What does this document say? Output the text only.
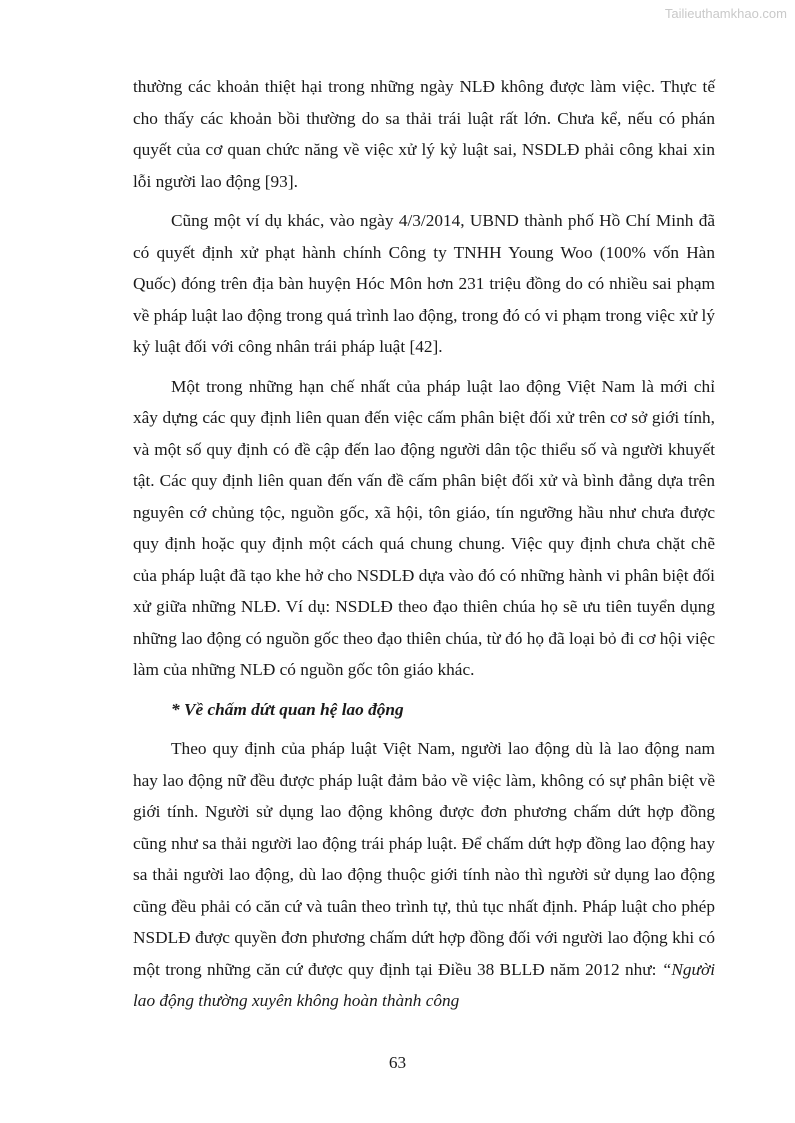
Tailieuthamkhao.com

thường các khoản thiệt hại trong những ngày NLĐ không được làm việc. Thực tế cho thấy các khoản bồi thường do sa thải trái luật rất lớn. Chưa kể, nếu có phán quyết của cơ quan chức năng về việc xử lý kỷ luật sai, NSDLĐ phải công khai xin lỗi người lao động [93].

Cũng một ví dụ khác, vào ngày 4/3/2014, UBND thành phố Hồ Chí Minh đã có quyết định xử phạt hành chính Công ty TNHH Young Woo (100% vốn Hàn Quốc) đóng trên địa bàn huyện Hóc Môn hơn 231 triệu đồng do có nhiều sai phạm về pháp luật lao động trong quá trình lao động, trong đó có vi phạm trong việc xử lý kỷ luật đối với công nhân trái pháp luật [42].

Một trong những hạn chế nhất của pháp luật lao động Việt Nam là mới chỉ xây dựng các quy định liên quan đến việc cấm phân biệt đối xử trên cơ sở giới tính, và một số quy định có đề cập đến lao động người dân tộc thiểu số và người khuyết tật. Các quy định liên quan đến vấn đề cấm phân biệt đối xử và bình đẳng dựa trên nguyên cớ chủng tộc, nguồn gốc, xã hội, tôn giáo, tín ngưỡng hầu như chưa được quy định hoặc quy định một cách quá chung chung. Việc quy định chưa chặt chẽ của pháp luật đã tạo khe hở cho NSDLĐ dựa vào đó có những hành vi phân biệt đối xử giữa những NLĐ. Ví dụ: NSDLĐ theo đạo thiên chúa họ sẽ ưu tiên tuyển dụng những lao động có nguồn gốc theo đạo thiên chúa, từ đó họ đã loại bỏ đi cơ hội việc làm của những NLĐ có nguồn gốc tôn giáo khác.

* Về chấm dứt quan hệ lao động

Theo quy định của pháp luật Việt Nam, người lao động dù là lao động nam hay lao động nữ đều được pháp luật đảm bảo về việc làm, không có sự phân biệt về giới tính. Người sử dụng lao động không được đơn phương chấm dứt hợp đồng cũng như sa thải người lao động trái pháp luật. Để chấm dứt hợp đồng lao động hay sa thải người lao động, dù lao động thuộc giới tính nào thì người sử dụng lao động cũng đều phải có căn cứ và tuân theo trình tự, thủ tục nhất định. Pháp luật cho phép NSDLĐ được quyền đơn phương chấm dứt hợp đồng đối với người lao động khi có một trong những căn cứ được quy định tại Điều 38 BLLĐ năm 2012 như: “Người lao động thường xuyên không hoàn thành công

63
